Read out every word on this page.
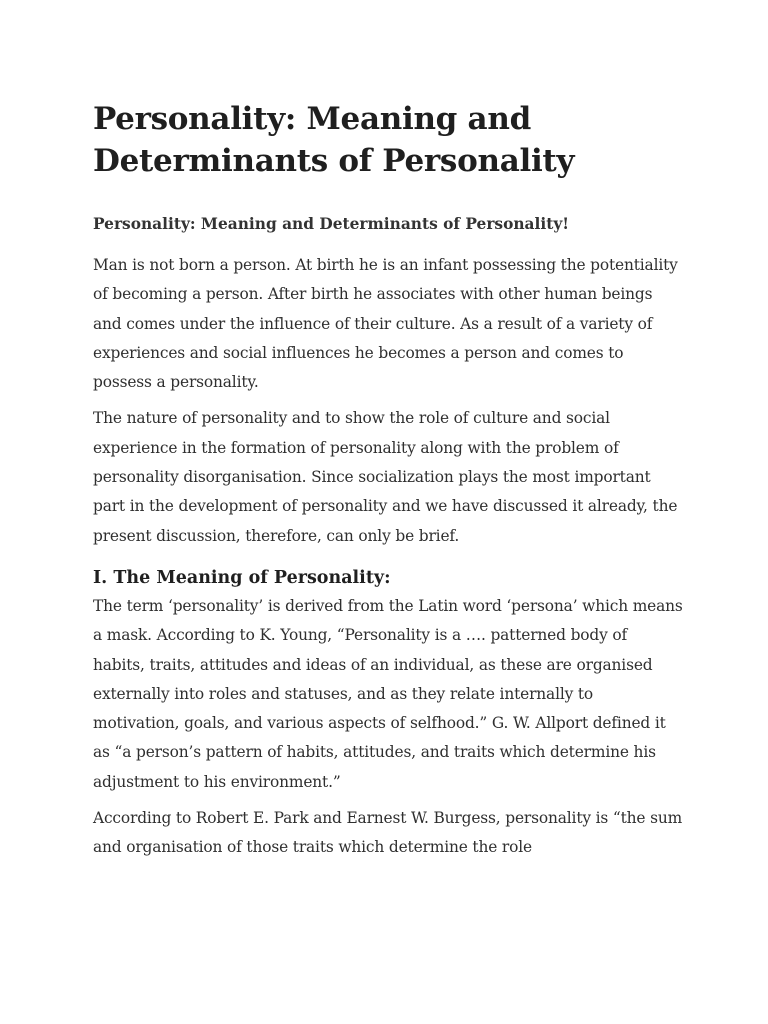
Personality: Meaning and Determinants of Personality
Personality: Meaning and Determinants of Personality!

Man is not born a person. At birth he is an infant possessing the potentiality of becoming a person. After birth he associates with other human beings and comes under the influence of their culture. As a result of a variety of experiences and social influences he becomes a person and comes to possess a personality.

The nature of personality and to show the role of culture and social experience in the formation of personality along with the problem of personality disorganisation. Since socialization plays the most important part in the development of personality and we have discussed it already, the present discussion, therefore, can only be brief.

I. The Meaning of Personality:

The term ‘personality’ is derived from the Latin word ‘persona’ which means a mask. According to K. Young, “Personality is a …. patterned body of habits, traits, attitudes and ideas of an individual, as these are organised externally into roles and statuses, and as they relate internally to motivation, goals, and various aspects of selfhood.” G. W. Allport defined it as “a person’s pattern of habits, attitudes, and traits which determine his adjustment to his environment.”

According to Robert E. Park and Earnest W. Burgess, personality is “the sum and organisation of those traits which determine the role
